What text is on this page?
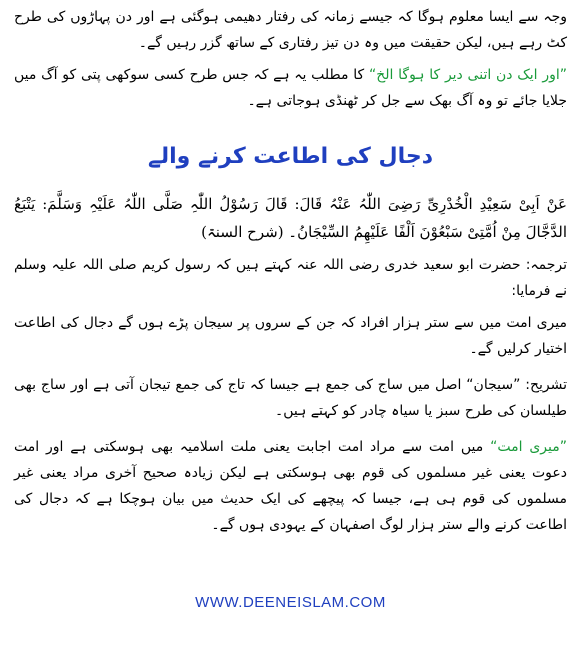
وجہ سے ایسا معلوم ہوگا کہ جیسے زمانہ کی رفتار دھیمی ہوگئی ہے اور دن پہاڑوں کی طرح کٹ رہے ہیں، لیکن حقیقت میں وہ دن تیز رفتاری کے ساتھ گزر رہیں گے۔

”اور ایک دن اتنی دیر کا ہوگا الخ“ کا مطلب یہ ہے کہ جس طرح کسی سوکھی پتی کو آگ میں جلایا جائے تو وہ آگ بھک سے جل کر ٹھنڈی ہوجاتی ہے۔

دجال کی اطاعت کرنے والے

عَنْ اَبِیْ سَعِیْدِ الْخُدْرِیِّ رَضِیَ اللّٰہُ عَنْہُ قَالَ: قَالَ رَسُوْلُ اللّٰہِ صَلَّی اللّٰہُ عَلَیْہِ وَسَلَّمَ: یَتْبَعُ الدَّجَّالَ مِنْ اُمَّتِیْ سَبْعُوْنَ اَلْفًا عَلَیْھِمُ السِّیْجَانُ۔ (شرح السنۃ)

ترجمہ: حضرت ابو سعید خدری رضی اللہ عنہ کہتے ہیں کہ رسول کریم صلی اللہ علیہ وسلم نے فرمایا:

میری امت میں سے ستر ہزار افراد کہ جن کے سروں پر سیجان پڑے ہوں گے دجال کی اطاعت اختیار کرلیں گے۔

تشریح: ”سیجان“ اصل میں ساج کی جمع ہے جیسا کہ تاج کی جمع تیجان آتی ہے اور ساج بھی طیلسان کی طرح سبز یا سیاہ چادر کو کہتے ہیں۔

”میری امت“ میں امت سے مراد امت اجابت یعنی ملت اسلامیہ بھی ہوسکتی ہے اور امت دعوت یعنی غیر مسلموں کی قوم بھی ہوسکتی ہے لیکن زیادہ صحیح آخری مراد یعنی غیر مسلموں کی قوم ہی ہے، جیسا کہ پیچھے کی ایک حدیث میں بیان ہوچکا ہے کہ دجال کی اطاعت کرنے والے ستر ہزار لوگ اصفہان کے یہودی ہوں گے۔

WWW.DEENEISLAM.COM
